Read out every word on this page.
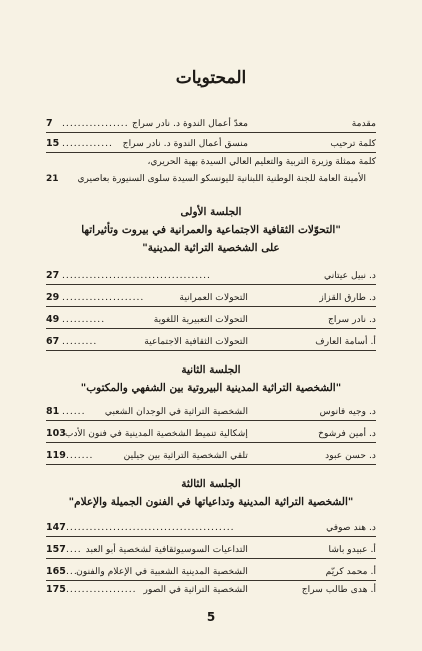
المحتويات
مقدمة
معدّ أعمال الندوة د. نادر سراج
.................
7
كلمة ترحيب
منسق أعمال الندوة د. نادر سراج
.............
15
كلمة ممثلة وزيرة التربية والتعليم العالي السيدة بهية الحريري،
الأمينة العامة للجنة الوطنية اللبنانية لليونسكو السيدة سلوى السنيورة بعاصيري
21
الجلسة الأولى
"التحوّلات الثقافية الاجتماعية والعمرانية في بيروت وتأثيراتها
على الشخصية التراثية المدينية"
د. نبيل عيتاني
......................................
27
د. طارق القزاز
التحولات العمرانية
.....................
29
د. نادر سراج
التحولات التعبيرية اللغوية
...........
49
أ. أسامة العارف
التحولات الثقافية الاجتماعية
.........
67
الجلسة الثانية
"الشخصية التراثية المدينية البيروتية بين الشفهي والمكتوب"
د. وجيه فانوس
الشخصية التراثية في الوجدان الشعبي
......
81
د. أمين فرشوخ
إشكالية تنميط الشخصية المدينية في فنون الأدب
103
د. حسن عبود
تلقي الشخصية التراثية بين جيلين
.......
119
الجلسة الثالثة
"الشخصية التراثية المدينية وتداعياتها في الفنون الجميلة والإعلام"
د. هند صوفي
...........................................
147
أ. عبيدو باشا
التداعيات السوسيوثقافية لشخصية أبو العبد
....
157
أ. محمد كريّم
الشخصية المدينية الشعبية في الإعلام والفنون
...
165
أ. هدى طالب سراج
الشخصية التراثية في الصور
..................
175
5
